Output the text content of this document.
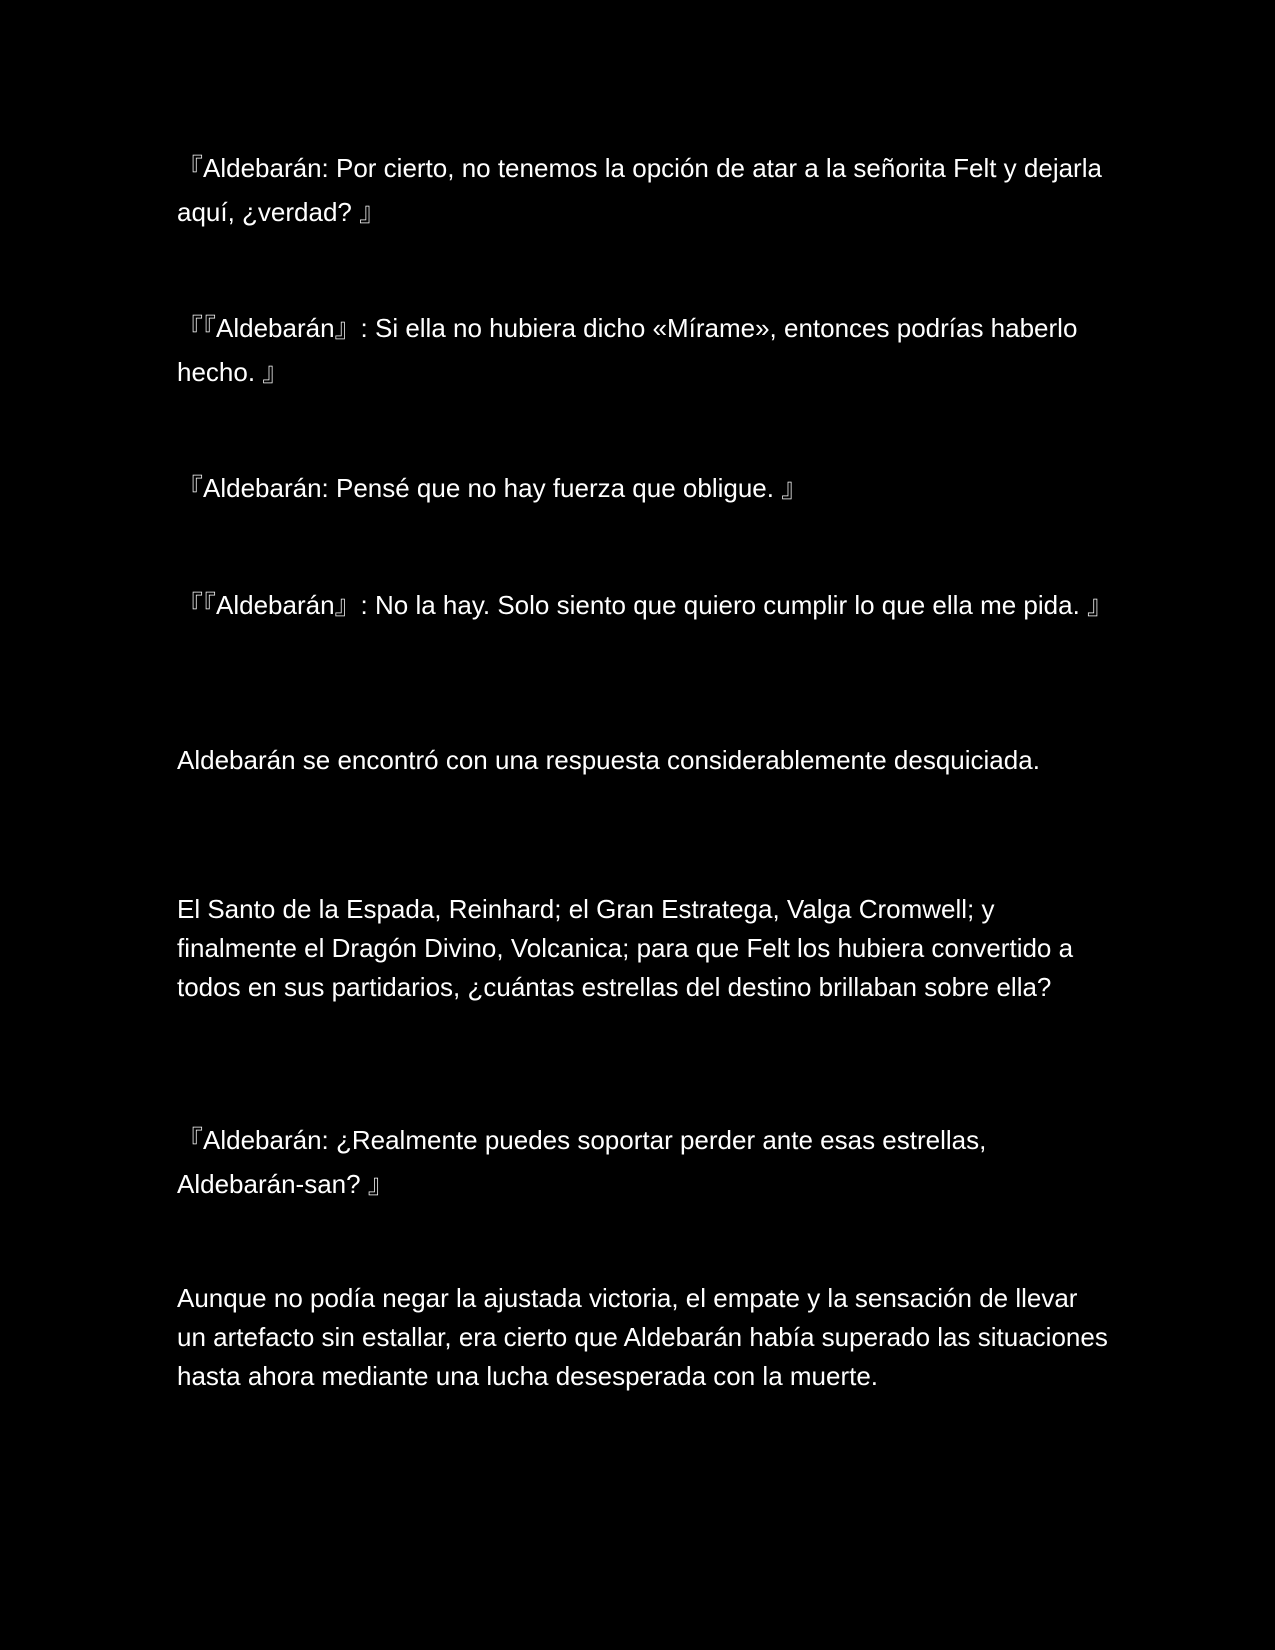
『Aldebarán: Por cierto, no tenemos la opción de atar a la señorita Felt y dejarla aquí, ¿verdad? 』

『『Aldebarán』: Si ella no hubiera dicho «Mírame», entonces podrías haberlo hecho. 』

『Aldebarán: Pensé que no hay fuerza que obligue. 』

『『Aldebarán』: No la hay. Solo siento que quiero cumplir lo que ella me pida. 』

Aldebarán se encontró con una respuesta considerablemente desquiciada.

El Santo de la Espada, Reinhard; el Gran Estratega, Valga Cromwell; y finalmente el Dragón Divino, Volcanica; para que Felt los hubiera convertido a todos en sus partidarios, ¿cuántas estrellas del destino brillaban sobre ella?

『Aldebarán: ¿Realmente puedes soportar perder ante esas estrellas, Aldebarán-san? 』

Aunque no podía negar la ajustada victoria, el empate y la sensación de llevar un artefacto sin estallar, era cierto que Aldebarán había superado las situaciones hasta ahora mediante una lucha desesperada con la muerte.
